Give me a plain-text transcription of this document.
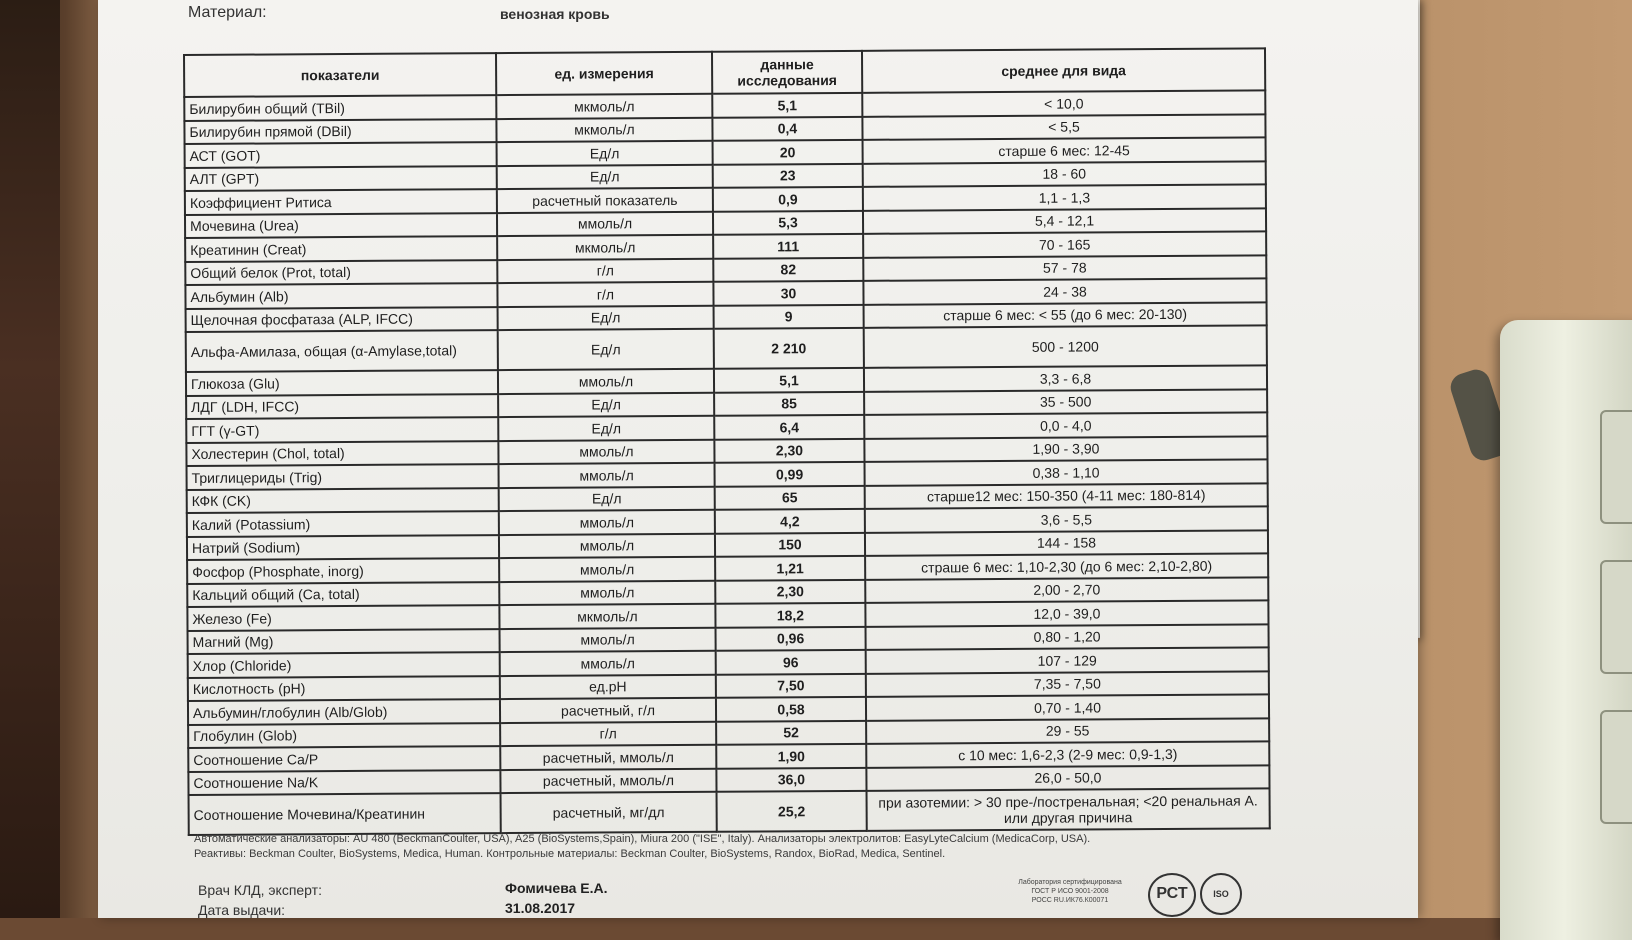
Материал:	венозная кровь
показатели	ед. измерения	данные исследования	среднее для вида
Билирубин общий (TBil)	мкмоль/л	5,1	< 10,0
Билирубин прямой (DBil)	мкмоль/л	0,4	< 5,5
АСТ (GOT)	Ед/л	20	старше 6 мес: 12-45
АЛТ (GPT)	Ед/л	23	18 - 60
Коэффициент Ритиса	расчетный показатель	0,9	1,1 - 1,3
Мочевина (Urea)	ммоль/л	5,3	5,4 - 12,1
Креатинин (Creat)	мкмоль/л	111	70 - 165
Общий белок (Prot, total)	г/л	82	57 - 78
Альбумин (Alb)	г/л	30	24 - 38
Щелочная фосфатаза (ALP, IFCC)	Ед/л	9	старше 6 мес: < 55 (до 6 мес: 20-130)
Альфа-Амилаза, общая (α-Amylase,total)	Ед/л	2 210	500 - 1200
Глюкоза (Glu)	ммоль/л	5,1	3,3 - 6,8
ЛДГ (LDH, IFCC)	Ед/л	85	35 - 500
ГГТ (γ-GT)	Ед/л	6,4	0,0 - 4,0
Холестерин (Chol, total)	ммоль/л	2,30	1,90 - 3,90
Триглицериды (Trig)	ммоль/л	0,99	0,38 - 1,10
КФК (CK)	Ед/л	65	старше12 мес: 150-350 (4-11 мес: 180-814)
Калий (Potassium)	ммоль/л	4,2	3,6 - 5,5
Натрий (Sodium)	ммоль/л	150	144 - 158
Фосфор (Phosphate, inorg)	ммоль/л	1,21	страше 6 мес: 1,10-2,30 (до 6 мес: 2,10-2,80)
Кальций общий (Ca, total)	ммоль/л	2,30	2,00 - 2,70
Железо (Fe)	мкмоль/л	18,2	12,0 - 39,0
Магний (Mg)	ммоль/л	0,96	0,80 - 1,20
Хлор (Chloride)	ммоль/л	96	107 - 129
Кислотность (pH)	ед.pH	7,50	7,35 - 7,50
Альбумин/глобулин (Alb/Glob)	расчетный, г/л	0,58	0,70 - 1,40
Глобулин (Glob)	г/л	52	29 - 55
Соотношение Са/Р	расчетный, ммоль/л	1,90	с 10 мес: 1,6-2,3 (2-9 мес: 0,9-1,3)
Соотношение Na/K	расчетный, ммоль/л	36,0	26,0 - 50,0
Соотношение Мочевина/Креатинин	расчетный, мг/дл	25,2	при азотемии: > 30 пре-/постренальная; <20 ренальная А. или другая причина
Автоматические анализаторы: AU 480 (BeckmanCoulter, USA), A25 (BioSystems,Spain), Miura 200 ("ISE", Italy). Анализаторы электролитов: EasyLyteCalcium (MedicaCorp, USA).
Реактивы: Beckman Coulter, BioSystems, Medica, Human. Контрольные материалы: Beckman Coulter, BioSystems, Randox, BioRad, Medica, Sentinel.
Врач КЛД, эксперт:	Фомичева Е.А.
Дата выдачи:	31.08.2017
Лаборатория сертифицирована
ГОСТ Р ИСО 9001-2008
РОСС RU.ИК76.К00071	РСТ	ISO
